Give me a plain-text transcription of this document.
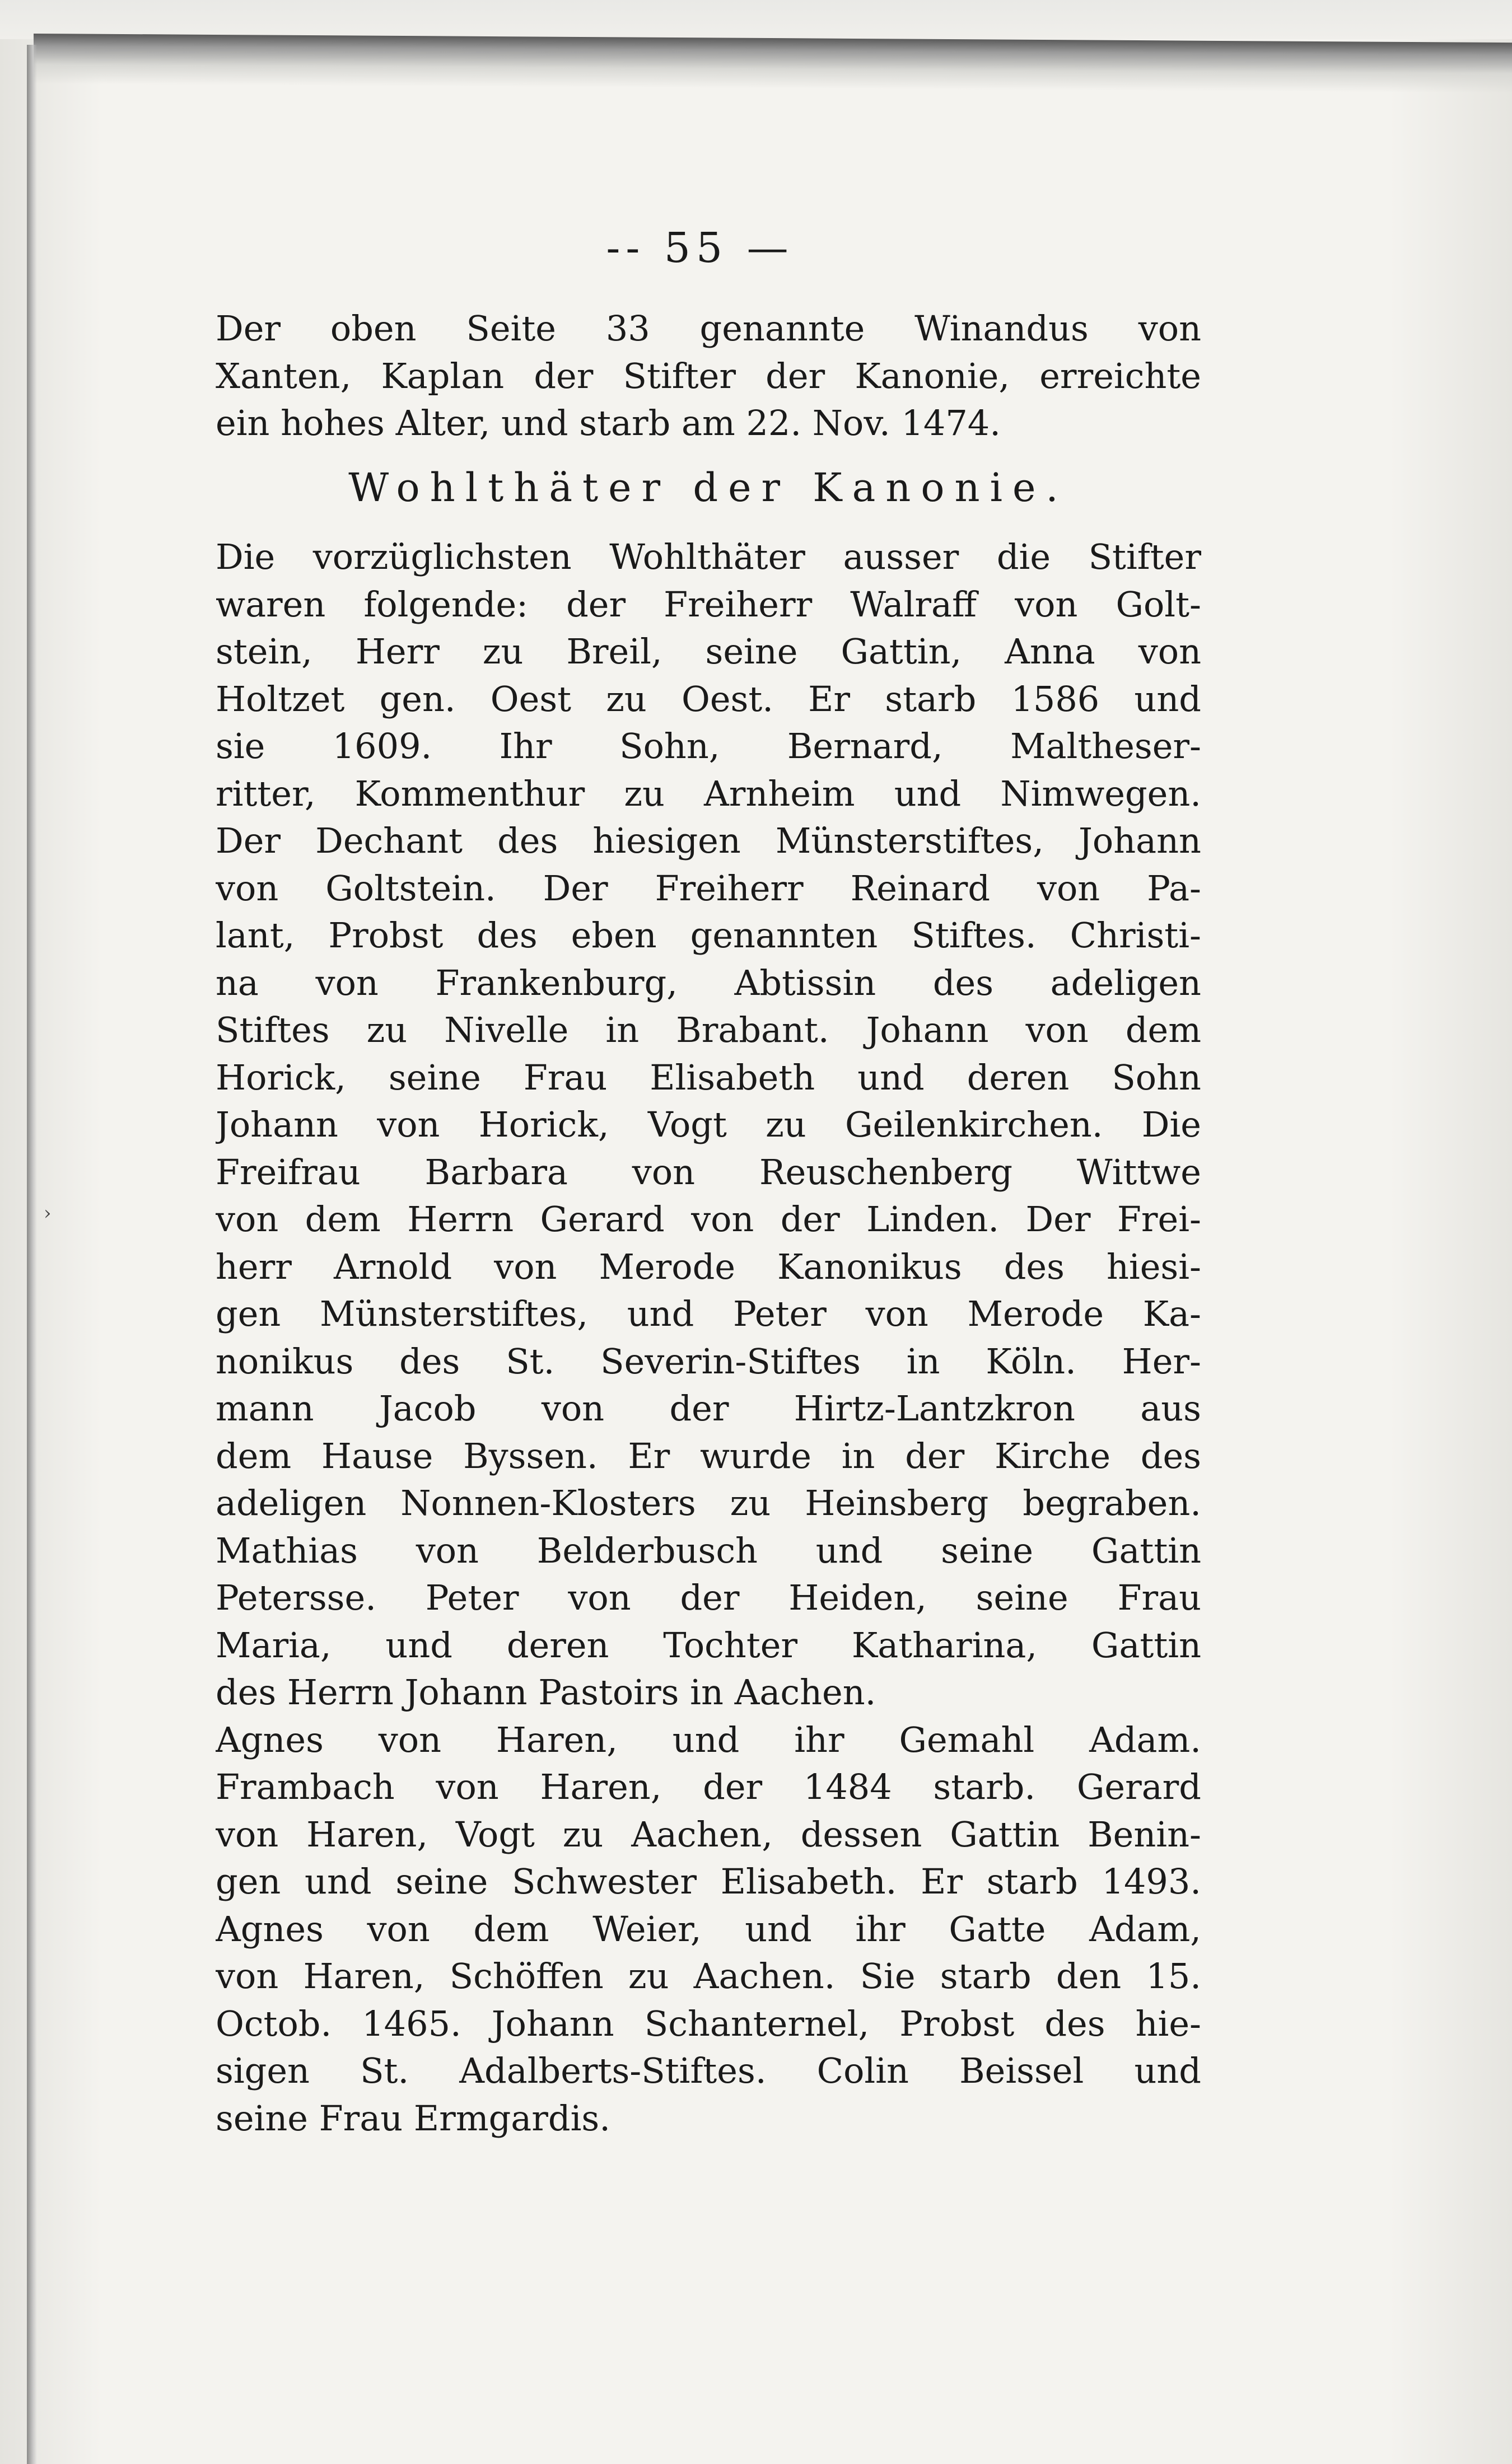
›
-- 55 —
Der oben Seite 33 genannte Winandus von
Xanten, Kaplan der Stifter der Kanonie, erreichte
ein hohes Alter, und starb am 22. Nov. 1474.
Wohlthäter der Kanonie.
Die vorzüglichsten Wohlthäter ausser die Stifter
waren folgende: der Freiherr Walraff von Golt-
stein, Herr zu Breil, seine Gattin, Anna von
Holtzet gen. Oest zu Oest. Er starb 1586 und
sie 1609. Ihr Sohn, Bernard, Maltheser-
ritter, Kommenthur zu Arnheim und Nimwegen.
Der Dechant des hiesigen Münsterstiftes, Johann
von Goltstein. Der Freiherr Reinard von Pa-
lant, Probst des eben genannten Stiftes. Christi-
na von Frankenburg, Abtissin des adeligen
Stiftes zu Nivelle in Brabant. Johann von dem
Horick, seine Frau Elisabeth und deren Sohn
Johann von Horick, Vogt zu Geilenkirchen. Die
Freifrau Barbara von Reuschenberg Wittwe
von dem Herrn Gerard von der Linden. Der Frei-
herr Arnold von Merode Kanonikus des hiesi-
gen Münsterstiftes, und Peter von Merode Ka-
nonikus des St. Severin-Stiftes in Köln. Her-
mann Jacob von der Hirtz-Lantzkron aus
dem Hause Byssen. Er wurde in der Kirche des
adeligen Nonnen-Klosters zu Heinsberg begraben.
Mathias von Belderbusch und seine Gattin
Petersse. Peter von der Heiden, seine Frau
Maria, und deren Tochter Katharina, Gattin
des Herrn Johann Pastoirs in Aachen.
Agnes von Haren, und ihr Gemahl Adam.
Frambach von Haren, der 1484 starb. Gerard
von Haren, Vogt zu Aachen, dessen Gattin Benin-
gen und seine Schwester Elisabeth. Er starb 1493.
Agnes von dem Weier, und ihr Gatte Adam,
von Haren, Schöffen zu Aachen. Sie starb den 15.
Octob. 1465. Johann Schanternel, Probst des hie-
sigen St. Adalberts-Stiftes. Colin Beissel und
seine Frau Ermgardis.
